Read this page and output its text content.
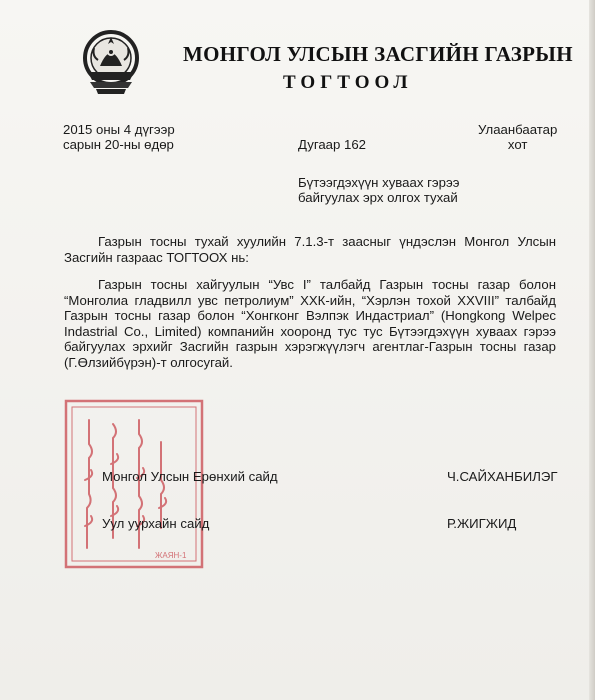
МОНГОЛ УЛСЫН ЗАСГИЙН ГАЗРЫН
ТОГТООЛ
2015 оны 4 дүгээр
сарын 20-ны өдөр	Дугаар 162
Улаанбаатар
хот
Бүтээгдэхүүн хуваах гэрээ
байгуулах эрх олгох тухай
Газрын тосны тухай хуулийн 7.1.3-т заасныг үндэслэн Монгол Улсын
Засгийн газраас ТОГТООХ нь:
Газрын тосны хайгуулын “Увс I” талбайд Газрын тосны газар болон
“Монголиа гладвилл увс петролиум” ХХК-ийн, “Хэрлэн тохой XXVIII” талбайд
Газрын тосны газар болон “Хонгконг Вэлпэк Индастриал” (Hongkong Welpec
Indastrial Co., Limited) компанийн хооронд тус тус Бүтээгдэхүүн хуваах гэрээ
байгуулах эрхийг Засгийн газрын хэрэгжүүлэгч агентлаг-Газрын тосны газар
(Г.Өлзийбүрэн)-т олгосугай.
ЖАЯН-1
Монгол Улсын Ерөнхий сайд	Ч.САЙХАНБИЛЭГ
Уул уурхайн сайд	Р.ЖИГЖИД
